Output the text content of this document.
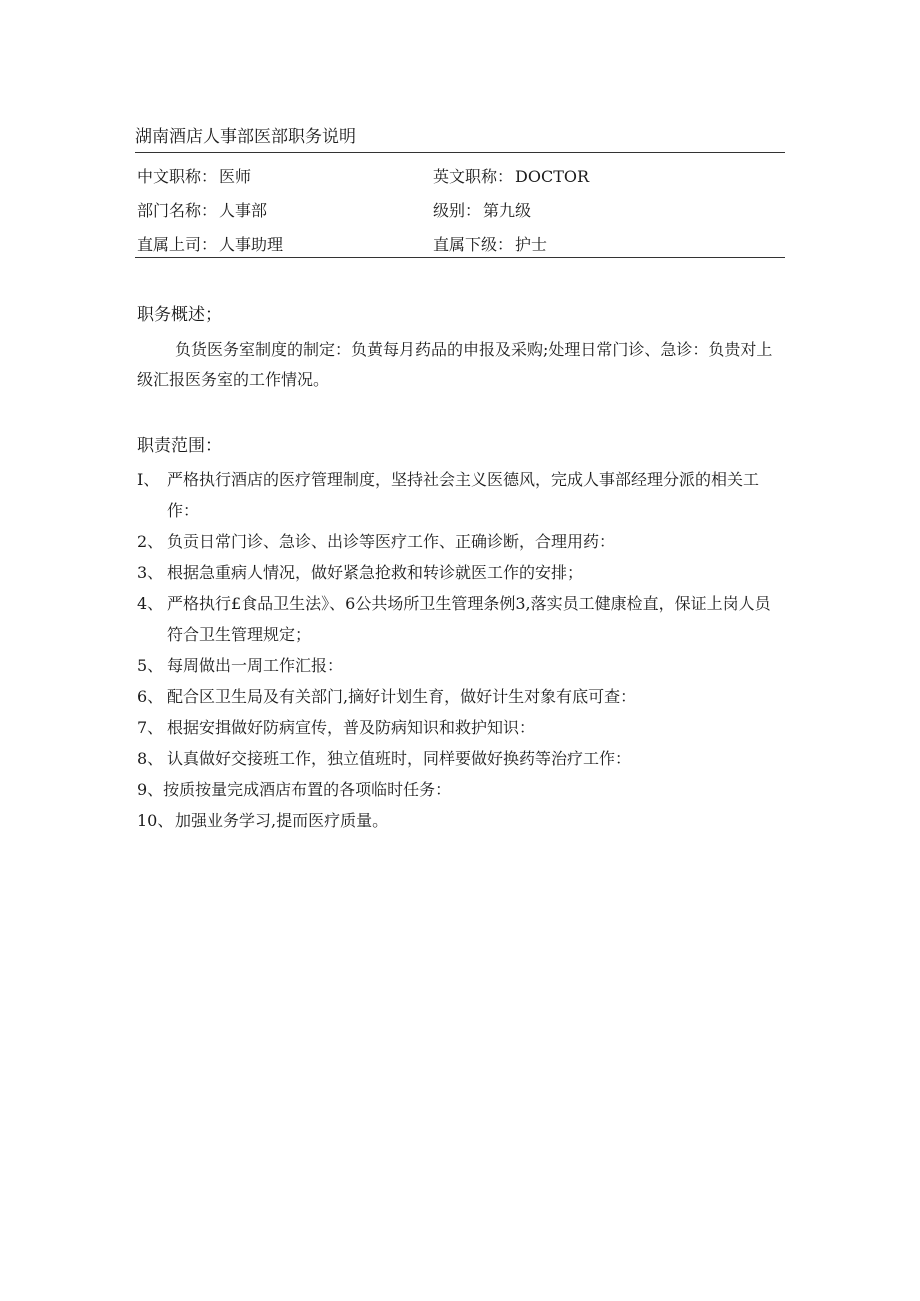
湖南酒店人事部医部职务说明
中文职称： 医师	英文职称： DOCTOR
部门名称： 人事部	级别： 第九级
直属上司： 人事助理	直属下级： 护士
职务概述；
负货医务室制度的制定：负黄每月药品的申报及采购;处理日常门诊、急诊：负贵对上级汇报医务室的工作情况。
职责范围：
I、 严格执行酒店的医疗管理制度，坚持社会主义医德风，完成人事部经理分派的相关工作：
2、 负贡日常门诊、急诊、出诊等医疗工作、正确诊断，合理用药：
3、 根据急重病人情况，做好紧急抢救和转诊就医工作的安排；
4、 严格执行£食品卫生法》、6公共场所卫生管理条例3,落实员工健康检直，保证上岗人员符合卫生管理规定；
5、 每周做出一周工作汇报：
6、 配合区卫生局及有关部门,摘好计划生育，做好计生对象有底可查：
7、 根据安揖做好防病宣传，普及防病知识和救护知识：
8、 认真做好交接班工作，独立值班时，同样要做好换药等治疗工作：
9、按质按量完成酒店布置的各项临时任务：
10、 加强业务学习,提而医疗质量。
